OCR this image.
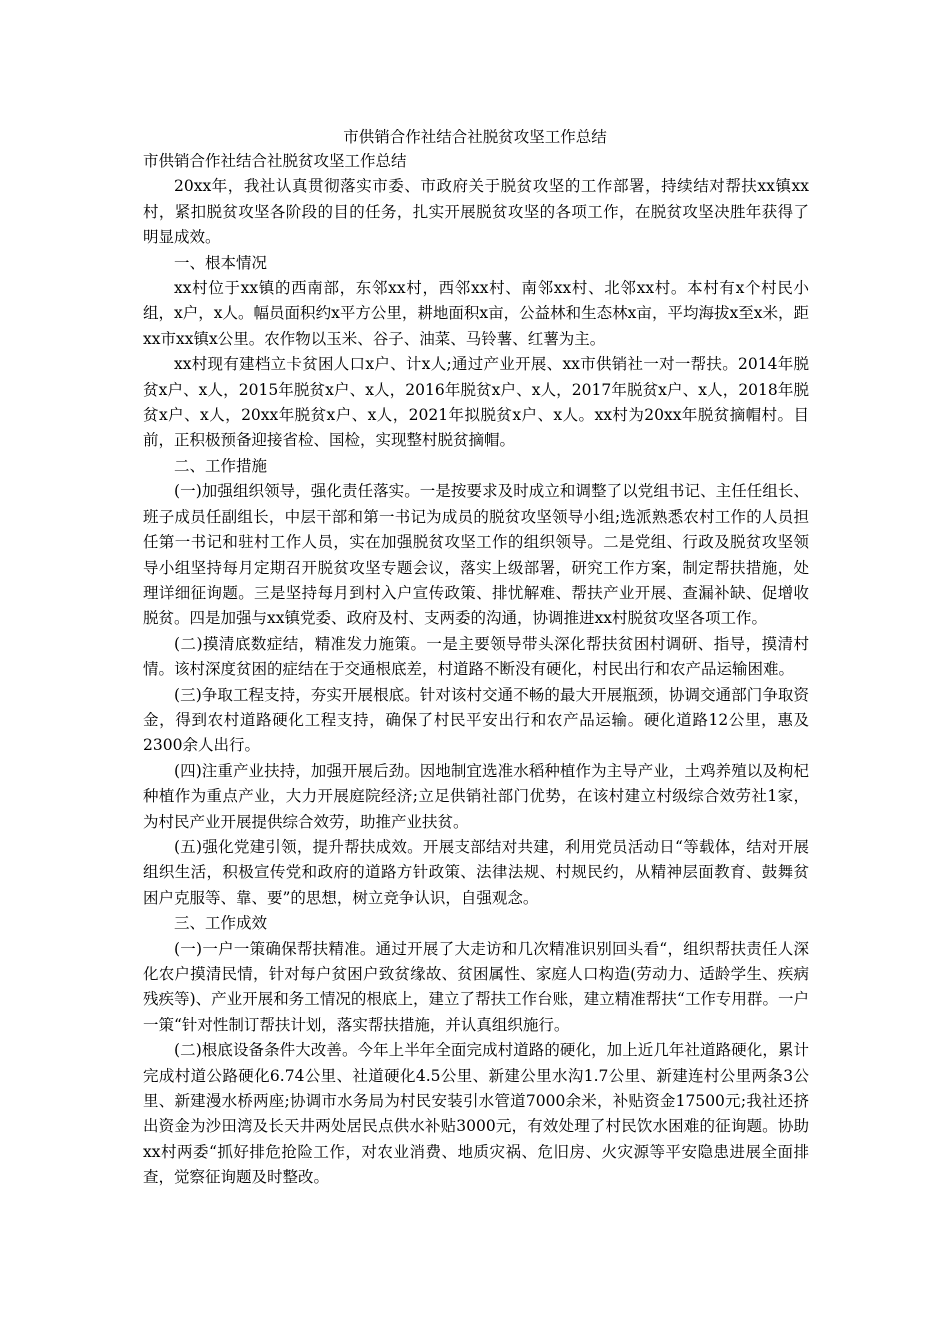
市供销合作社结合社脱贫攻坚工作总结

市供销合作社结合社脱贫攻坚工作总结

20xx年，我社认真贯彻落实市委、市政府关于脱贫攻坚的工作部署，持续结对帮扶xx镇xx村，紧扣脱贫攻坚各阶段的目的任务，扎实开展脱贫攻坚的各项工作，在脱贫攻坚决胜年获得了明显成效。

一、根本情况

xx村位于xx镇的西南部，东邻xx村，西邻xx村、南邻xx村、北邻xx村。本村有x个村民小组，x户，x人。幅员面积约x平方公里，耕地面积x亩，公益林和生态林x亩，平均海拔x至x米，距xx市xx镇x公里。农作物以玉米、谷子、油菜、马铃薯、红薯为主。

xx村现有建档立卡贫困人口x户、计x人;通过产业开展、xx市供销社一对一帮扶。2014年脱贫x户、x人，2015年脱贫x户、x人，2016年脱贫x户、x人，2017年脱贫x户、x人，2018年脱贫x户、x人，20xx年脱贫x户、x人，2021年拟脱贫x户、x人。xx村为20xx年脱贫摘帽村。目前，正积极预备迎接省检、国检，实现整村脱贫摘帽。

二、工作措施

(一)加强组织领导，强化责任落实。一是按要求及时成立和调整了以党组书记、主任任组长、班子成员任副组长，中层干部和第一书记为成员的脱贫攻坚领导小组;选派熟悉农村工作的人员担任第一书记和驻村工作人员，实在加强脱贫攻坚工作的组织领导。二是党组、行政及脱贫攻坚领导小组坚持每月定期召开脱贫攻坚专题会议，落实上级部署，研究工作方案，制定帮扶措施，处理详细征询题。三是坚持每月到村入户宣传政策、排忧解难、帮扶产业开展、查漏补缺、促增收脱贫。四是加强与xx镇党委、政府及村、支两委的沟通，协调推进xx村脱贫攻坚各项工作。

(二)摸清底数症结，精准发力施策。一是主要领导带头深化帮扶贫困村调研、指导，摸清村情。该村深度贫困的症结在于交通根底差，村道路不断没有硬化，村民出行和农产品运输困难。

(三)争取工程支持，夯实开展根底。针对该村交通不畅的最大开展瓶颈，协调交通部门争取资金，得到农村道路硬化工程支持，确保了村民平安出行和农产品运输。硬化道路12公里，惠及2300余人出行。

(四)注重产业扶持，加强开展后劲。因地制宜选准水稻种植作为主导产业，土鸡养殖以及枸杞种植作为重点产业，大力开展庭院经济;立足供销社部门优势，在该村建立村级综合效劳社1家，为村民产业开展提供综合效劳，助推产业扶贫。

(五)强化党建引领，提升帮扶成效。开展支部结对共建，利用党员活动日“等载体，结对开展组织生活，积极宣传党和政府的道路方针政策、法律法规、村规民约，从精神层面教育、鼓舞贫困户克服等、靠、要”的思想，树立竞争认识，自强观念。

三、工作成效

(一)一户一策确保帮扶精准。通过开展了大走访和几次精准识别回头看“，组织帮扶责任人深化农户摸清民情，针对每户贫困户致贫缘故、贫困属性、家庭人口构造(劳动力、适龄学生、疾病残疾等)、产业开展和务工情况的根底上，建立了帮扶工作台账，建立精准帮扶“工作专用群。一户一策“针对性制订帮扶计划，落实帮扶措施，并认真组织施行。

(二)根底设备条件大改善。今年上半年全面完成村道路的硬化，加上近几年社道路硬化，累计完成村道公路硬化6.74公里、社道硬化4.5公里、新建公里水沟1.7公里、新建连村公里两条3公里、新建漫水桥两座;协调市水务局为村民安装引水管道7000余米，补贴资金17500元;我社还挤出资金为沙田湾及长天井两处居民点供水补贴3000元，有效处理了村民饮水困难的征询题。协助xx村两委“抓好排危抢险工作，对农业消费、地质灾祸、危旧房、火灾源等平安隐患进展全面排查，觉察征询题及时整改。
